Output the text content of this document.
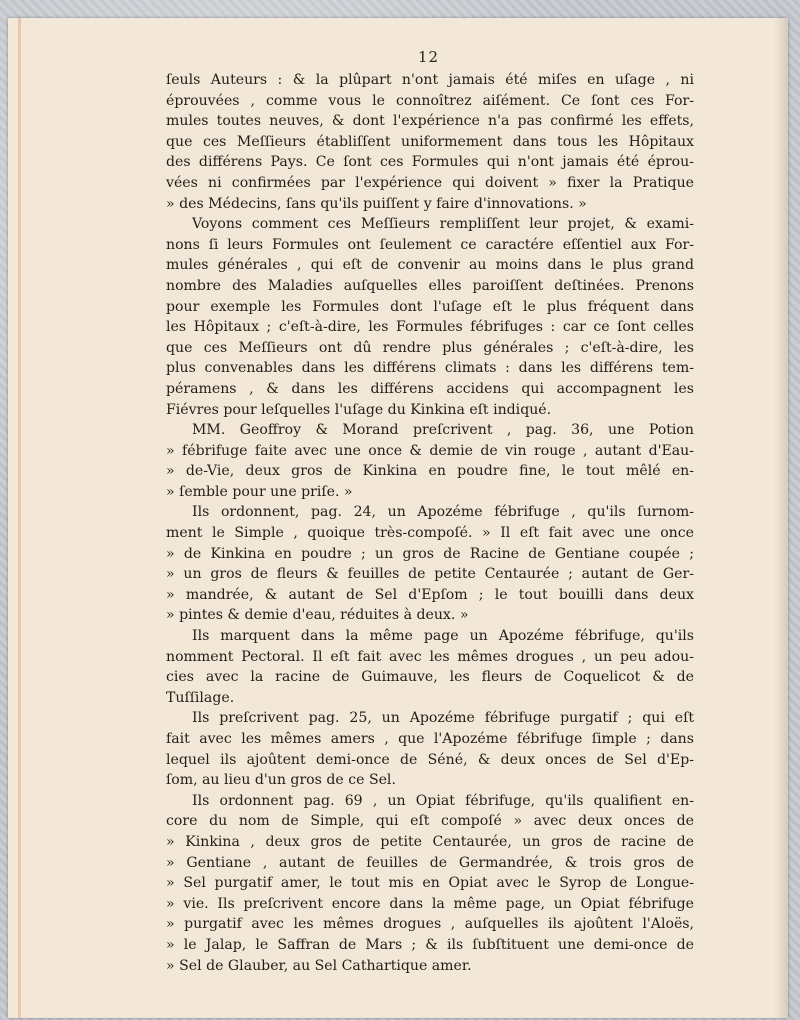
12
ſeuls Auteurs : & la plûpart n'ont jamais été miſes en uſage , ni
éprouvées , comme vous le connoîtrez aiſément. Ce ſont ces For-
mules toutes neuves, & dont l'expérience n'a pas confirmé les effets,
que ces Meſſieurs établiſſent uniformement dans tous les Hôpitaux
des différens Pays. Ce ſont ces Formules qui n'ont jamais été éprou-
vées ni confirmées par l'expérience qui doivent » fixer la Pratique
» des Médecins, ſans qu'ils puiſſent y faire d'innovations. »
Voyons comment ces Meſſieurs rempliſſent leur projet, & exami-
nons ſi leurs Formules ont ſeulement ce caractére eſſentiel aux For-
mules générales , qui eſt de convenir au moins dans le plus grand
nombre des Maladies auſquelles elles paroiſſent deſtinées. Prenons
pour exemple les Formules dont l'uſage eſt le plus fréquent dans
les Hôpitaux ; c'eſt-à-dire, les Formules fébrifuges : car ce ſont celles
que ces Meſſieurs ont dû rendre plus générales ; c'eſt-à-dire, les
plus convenables dans les différens climats : dans les différens tem-
péramens , & dans les différens accidens qui accompagnent les
Fiévres pour leſquelles l'uſage du Kinkina eſt indiqué.
MM. Geoffroy & Morand preſcrivent , pag. 36, une Potion
» fébrifuge faite avec une once & demie de vin rouge , autant d'Eau-
» de-Vie, deux gros de Kinkina en poudre fine, le tout mêlé en-
» ſemble pour une priſe. »
Ils ordonnent, pag. 24, un Apozéme fébrifuge , qu'ils ſurnom-
ment le Simple , quoique très-compoſé. » Il eſt fait avec une once
» de Kinkina en poudre ; un gros de Racine de Gentiane coupée ;
» un gros de fleurs & feuilles de petite Centaurée ; autant de Ger-
» mandrée, & autant de Sel d'Epſom ; le tout bouilli dans deux
» pintes & demie d'eau, réduites à deux. »
Ils marquent dans la même page un Apozéme fébrifuge, qu'ils
nomment Pectoral. Il eſt fait avec les mêmes drogues , un peu adou-
cies avec la racine de Guimauve, les fleurs de Coquelicot & de
Tuſſilage.
Ils preſcrivent pag. 25, un Apozéme fébrifuge purgatif ; qui eſt
fait avec les mêmes amers , que l'Apozéme fébrifuge ſimple ; dans
lequel ils ajoûtent demi-once de Séné, & deux onces de Sel d'Ep-
ſom, au lieu d'un gros de ce Sel.
Ils ordonnent pag. 69 , un Opiat fébrifuge, qu'ils qualifient en-
core du nom de Simple, qui eſt compoſé » avec deux onces de
» Kinkina , deux gros de petite Centaurée, un gros de racine de
» Gentiane , autant de feuilles de Germandrée, & trois gros de
» Sel purgatif amer, le tout mis en Opiat avec le Syrop de Longue-
» vie. Ils preſcrivent encore dans la même page, un Opiat fébrifuge
» purgatif avec les mêmes drogues , auſquelles ils ajoûtent l'Aloës,
» le Jalap, le Saffran de Mars ; & ils ſubſtituent une demi-once de
» Sel de Glauber, au Sel Cathartique amer.
